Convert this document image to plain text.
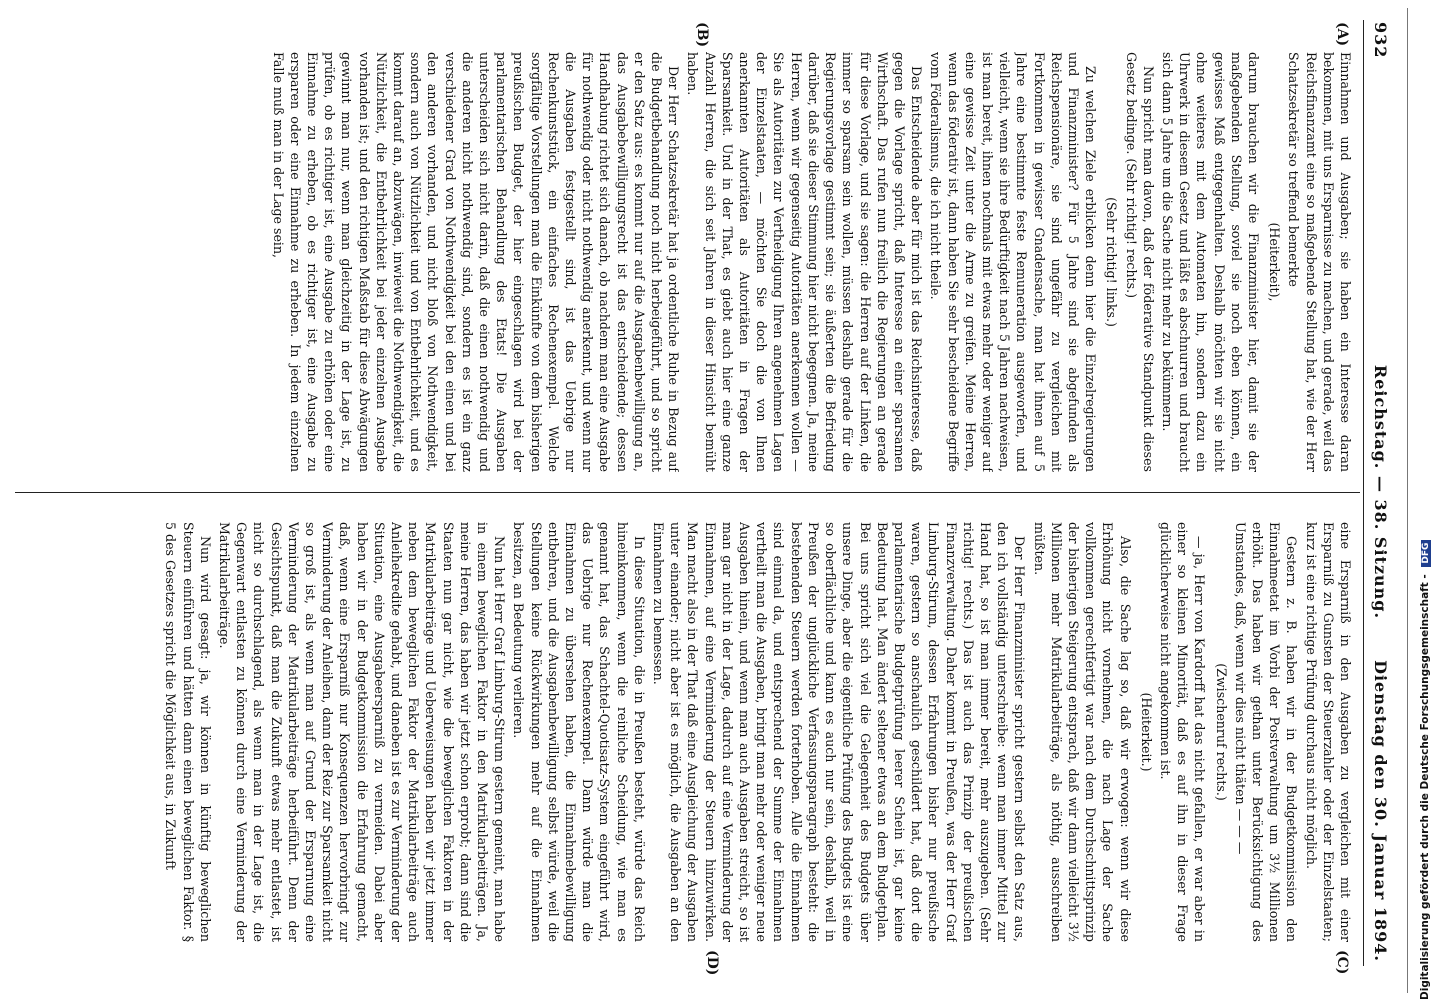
932
Reichstag. — 38. Sitzung.
Dienstag den 30. Januar 1894.
(A)
(B)
(C)
(D)

Einnahmen und Ausgaben; sie haben ein Interesse daran bekommen, mit uns Ersparnisse zu machen, und gerade, weil das Reichsfinanzamt eine so maßgebende Stellung hat, wie der Herr Schatzsekretär so treffend bemerkte

(Heiterkeit),

darum brauchen wir die Finanzminister hier, damit sie der maßgebenden Stellung, soviel sie noch eben können, ein gewisses Maß entgegenhalten. Deshalb möchten wir sie nicht ohne weiteres mit dem Automaten hin, sondern dazu ein Uhrwerk in diesem Gesetz und läßt es abschnurren und braucht sich dann 5 Jahre um die Sache nicht mehr zu bekümmern.

Nun spricht man davon, daß der föderative Standpunkt dieses Gesetz bedinge. (Sehr richtig! rechts.)

(Sehr richtig! links.)

Zu welchen Ziele erblicken denn hier die Einzelregierungen und Finanzminister? Für 5 Jahre sind sie abgefunden als Reichspensionäre, sie sind ungefähr zu vergleichen mit Fortkommen in gewisser Gnadensache, man hat ihnen auf 5 Jahre eine bestimmte feste Remuneration ausgeworfen, und vielleicht, wenn sie ihre Bedürftigkeit nach 5 Jahren nachweisen, ist man bereit, ihnen nochmals mit etwas mehr oder weniger auf eine gewisse Zeit unter die Arme zu greifen. Meine Herren, wenn das föderativ ist, dann haben Sie sehr bescheidene Begriffe vom Föderalismus, die ich nicht theile.

Das Entscheidende aber für mich ist das Reichsinteresse, daß gegen die Vorlage spricht, daß Interesse an einer sparsamen Wirthschaft. Das rufen nun freilich die Regierungen an gerade für diese Vorlage, und sie sagen: die Herren auf der Linken, die immer so sparsam sein wollen, müssen deshalb gerade für die Regierungsvorlage gestimmt sein; sie äußerten die Befriedung darüber, daß sie dieser Stimmung hier nicht begegnen. Ja, meine Herren, wenn wir gegenseitig Autoritäten anerkennen wollen — Sie als Autoritäten zur Vertheidigung Ihren angenehmen Lagen der Einzelstaaten, — möchten Sie doch die von Ihnen anerkannten Autoritäten als Autoritäten in Fragen der Sparsamkeit. Und in der That, es giebt auch hier eine ganze Anzahl Herren, die sich seit Jahren in dieser Hinsicht bemüht haben.

Der Herr Schatzsekretär hat ja ordentliche Ruhe in Bezug auf die Budgetbehandlung noch nicht herbeigeführt, und so spricht er den Satz aus: es kommt nur auf die Ausgabenbewilligung an, das Ausgabebewilligungsrecht ist das entscheidende; dessen Handhabung richtet sich danach, ob nachdem man eine Ausgabe für nothwendig oder nicht nothwendig anerkennt, und wenn nur die Ausgaben festgestellt sind, ist das Uebrige nur Rechenkunststück, ein einfaches Rechenexempel. Welche sorgfältige Vorstellungen man die Einkünfte von dem bisherigen preußischen Budget, der hier eingeschlagen wird bei der parlamentarischen Behandlung des Etats! Die Ausgaben unterscheiden sich nicht darin, daß die einen nothwendig und die anderen nicht nothwendig sind, sondern es ist ein ganz verschiedener Grad von Nothwendigkeit bei den einen und bei den anderen vorhanden, und nicht bloß von Nothwendigkeit, sondern auch von Nützlichkeit und von Entbehrlichkeit, und es kommt darauf an, abzuwägen, inwieweit die Nothwendigkeit, die Nützlichkeit, die Entbehrlichkeit bei jeder einzelnen Ausgabe vorhanden ist; und den richtigen Maßstab für diese Abwägungen gewinnt man nur, wenn man gleichzeitig in der Lage ist, zu prüfen, ob es richtiger ist, eine Ausgabe zu erhöhen oder eine Einnahme zu erheben, ob es richtiger ist, eine Ausgabe zu ersparen oder eine Einnahme zu erheben. In jedem einzelnen Falle muß man in der Lage sein,

eine Ersparniß in den Ausgaben zu vergleichen mit einer Ersparniß zu Gunsten der Steuerzahler oder der Einzelstaaten; kurz ist eine richtige Prüfung durchaus nicht möglich.

Gestern z. B. haben wir in der Budgetkommission den Einnahmeetat im Vorbi der Postverwaltung um 3½ Millionen erhöht. Das haben wir gethan unter Berücksichtigung des Umstandes, daß, wenn wir dies nicht thäten — — —

(Zwischenruf rechts.)

— ja, Herr von Kardorff hat das nicht gefallen, er war aber in einer so kleinen Minorität, daß es auf ihn in dieser Frage glücklicherweise nicht angekommen ist.

(Heiterkeit.)

Also, die Sache lag so, daß wir erwogen: wenn wir diese Erhöhung nicht vornehmen, die nach Lage der Sache vollkommen gerechtfertigt war nach dem Durchschnittsprinzip der bisherigen Steigerung entsprach, daß wir dann vielleicht 3½ Millionen mehr Matrikularbeiträge, als nöthig, ausschreiben müßten.

Der Herr Finanzminister spricht gestern selbst den Satz aus, den ich vollständig unterschreibe: wenn man immer Mittel zur Hand hat, so ist man immer bereit, mehr auszugeben. (Sehr richtig! rechts.) Das ist auch das Prinzip der preußischen Finanzverwaltung. Daher kommt in Preußen, was der Herr Graf Limburg-Stirum, dessen Erfahrungen bisher nur preußische waren, gestern so anschaulich geschildert hat, daß dort die parlamentarische Budgetprüfung leerer Schein ist, gar keine Bedeutung hat. Man ändert seltener etwas an dem Budgetplan. Bei uns spricht sich viel die Gelegenheit des Budgets über unsere Dinge, aber die eigentliche Prüfung des Budgets ist eine so oberflächliche und kann es auch nur sein, deshalb, weil in Preußen der unglückliche Verfassungsparagraph besteht: die bestehenden Steuern werden forterhoben. Alle die Einnahmen sind einmal da, und entsprechend der Summe der Einnahmen vertheilt man die Ausgaben, bringt man mehr oder weniger neue Ausgaben hinein, und wenn man auch Ausgaben streicht, so ist man gar nicht in der Lage, dadurch auf eine Verminderung der Einnahmen, auf eine Verminderung der Steuern hinzuwirken. Man macht also in der That daß eine Ausgleichung der Ausgaben unter einander; nicht aber ist es möglich, die Ausgaben an den Einnahmen zu bemessen.

In diese Situation, die in Preußen besteht, würde das Reich hineinkommen, wenn die reinliche Scheidung, wie man es genannt hat, das Schachtel-Quotisatz-System eingeführt wird, das Uebrige nur Rechenexempel. Dann würde man die Einnahmen zu übersehen haben, die Einnahmebewilligung entbehren, und die Ausgabenbewilligung selbst würde, weil die Stellungen keine Rückwirkungen mehr auf die Einnahmen besitzen, an Bedeutung verlieren.

Nun hat Herr Graf Limburg-Stirum gestern gemeint, man habe in einem beweglichen Faktor in den Matrikularbeiträgen. Ja, meine Herren, das haben wir jetzt schon erprobt; dann sind die Staaten nun gar nicht, wie die beweglichen Faktoren in der Matrikularbeiträge und Ueberweisungen haben wir jetzt immer neben dem beweglichen Faktor der Matrikularbeiträge auch Anleihekredite gehabt, und daneben ist es zur Verminderung der Situation, eine Ausgabeersparniß zu vermeiden. Dabei aber haben wir in der Budgetkommission die Erfahrung gemacht, daß, wenn eine Ersparniß nur Konsequenzen hervorbringt zur Verminderung der Anleihen, dann der Reiz zur Sparsamkeit nicht so groß ist, als wenn man auf Grund der Ersparnung eine Verminderung der Matrikularbeiträge herbeiführt. Denn der Gesichtspunkt, daß man die Zukunft etwas mehr entlastet, ist nicht so durchschlagend, als wenn man in der Lage ist, die Gegenwart entlasten zu können durch eine Verminderung der Matrikularbeiträge.

Nun wird gesagt: ja, wir können in künftig beweglichen Steuern einführen und hätten dann einen beweglichen Faktor. § 5 des Gesetzes spricht die Möglichkeit aus, in Zukunft	Digitalisierung gefördert durch die Deutsche Forschungsgemeinschaft - DFG
